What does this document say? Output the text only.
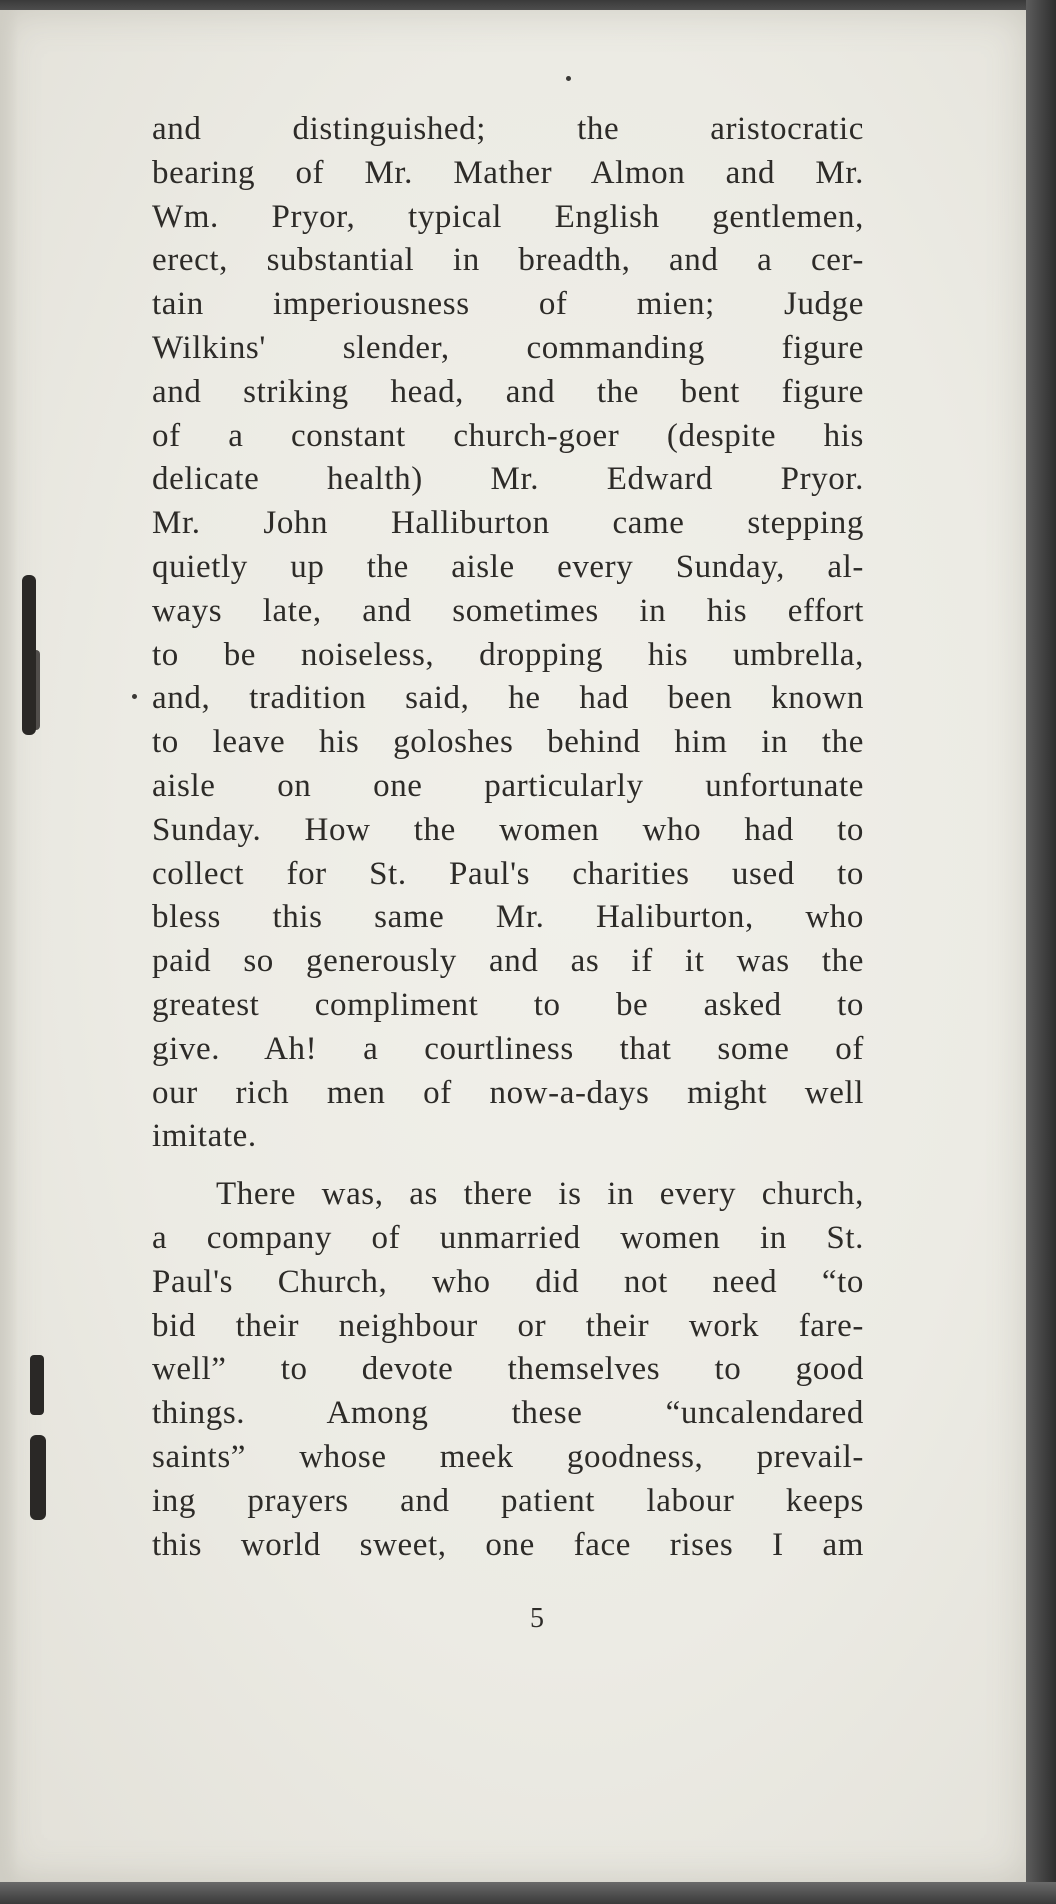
and distinguished; the aristocratic
bearing of Mr. Mather Almon and Mr.
Wm. Pryor, typical English gentlemen,
erect, substantial in breadth, and a cer-
tain imperiousness of mien; Judge
Wilkins' slender, commanding figure
and striking head, and the bent figure
of a constant church-goer (despite his
delicate health) Mr. Edward Pryor.
Mr. John Halliburton came stepping
quietly up the aisle every Sunday, al-
ways late, and sometimes in his effort
to be noiseless, dropping his umbrella,
and, tradition said, he had been known
to leave his goloshes behind him in the
aisle on one particularly unfortunate
Sunday. How the women who had to
collect for St. Paul's charities used to
bless this same Mr. Haliburton, who
paid so generously and as if it was the
greatest compliment to be asked to
give. Ah! a courtliness that some of
our rich men of now-a-days might well
imitate.
There was, as there is in every church,
a company of unmarried women in St.
Paul's Church, who did not need “to
bid their neighbour or their work fare-
well” to devote themselves to good
things. Among these “uncalendared
saints” whose meek goodness, prevail-
ing prayers and patient labour keeps
this world sweet, one face rises I am
5
